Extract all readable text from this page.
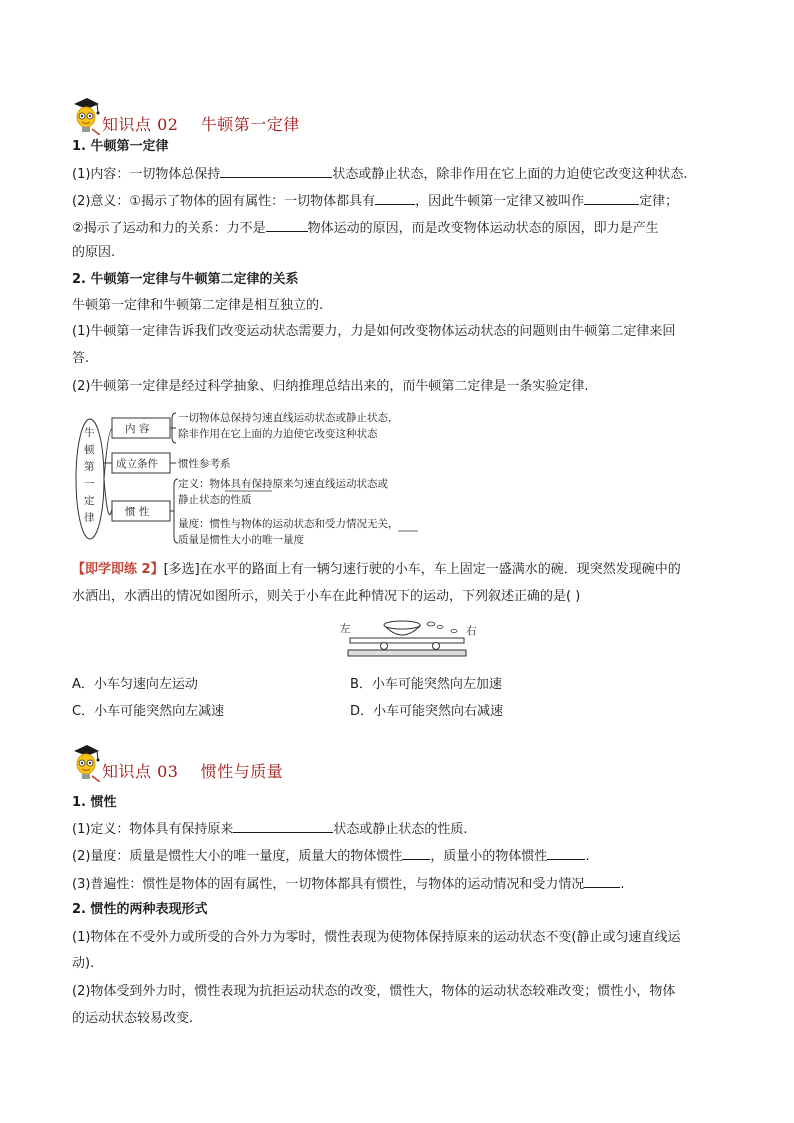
知识点 02    牛顿第一定律
1. 牛顿第一定律
(1)内容：一切物体总保持	状态或静止状态，除非作用在它上面的力迫使它改变这种状态.
(2)意义：①揭示了物体的固有属性：一切物体都具有	，因此牛顿第一定律又被叫作	定律；
②揭示了运动和力的关系：力不是	物体运动的原因，而是改变物体运动状态的原因，即力是产生
的原因.
2. 牛顿第一定律与牛顿第二定律的关系
牛顿第一定律和牛顿第二定律是相互独立的.
(1)牛顿第一定律告诉我们改变运动状态需要力，力是如何改变物体运动状态的问题则由牛顿第二定律来回
答.
(2)牛顿第一定律是经过科学抽象、归纳推理总结出来的，而牛顿第二定律是一条实验定律.
牛
顿
第
一
定
律
内 容
成立条件
惯 性
一切物体总保持匀速直线运动状态或静止状态，
除非作用在它上面的力迫使它改变这种状态
惯性参考系
定义：物体具有保持原来匀速直线运动状态或
静止状态的性质
量度：惯性与物体的运动状态和受力情况无关，
质量是惯性大小的唯一量度
【即学即练 2】[多选]在水平的路面上有一辆匀速行驶的小车，车上固定一盛满水的碗．现突然发现碗中的
水洒出，水洒出的情况如图所示，则关于小车在此种情况下的运动，下列叙述正确的是( )
左	右
A．小车匀速向左运动	B．小车可能突然向左加速
C．小车可能突然向左减速	D．小车可能突然向右减速
知识点 03    惯性与质量
1. 惯性
(1)定义：物体具有保持原来	状态或静止状态的性质.
(2)量度：质量是惯性大小的唯一量度，质量大的物体惯性 ，质量小的物体惯性	.
(3)普遍性：惯性是物体的固有属性，一切物体都具有惯性，与物体的运动情况和受力情况	.
2. 惯性的两种表现形式
(1)物体在不受外力或所受的合外力为零时，惯性表现为使物体保持原来的运动状态不变(静止或匀速直线运
动).
(2)物体受到外力时，惯性表现为抗拒运动状态的改变，惯性大，物体的运动状态较难改变；惯性小，物体
的运动状态较易改变.
